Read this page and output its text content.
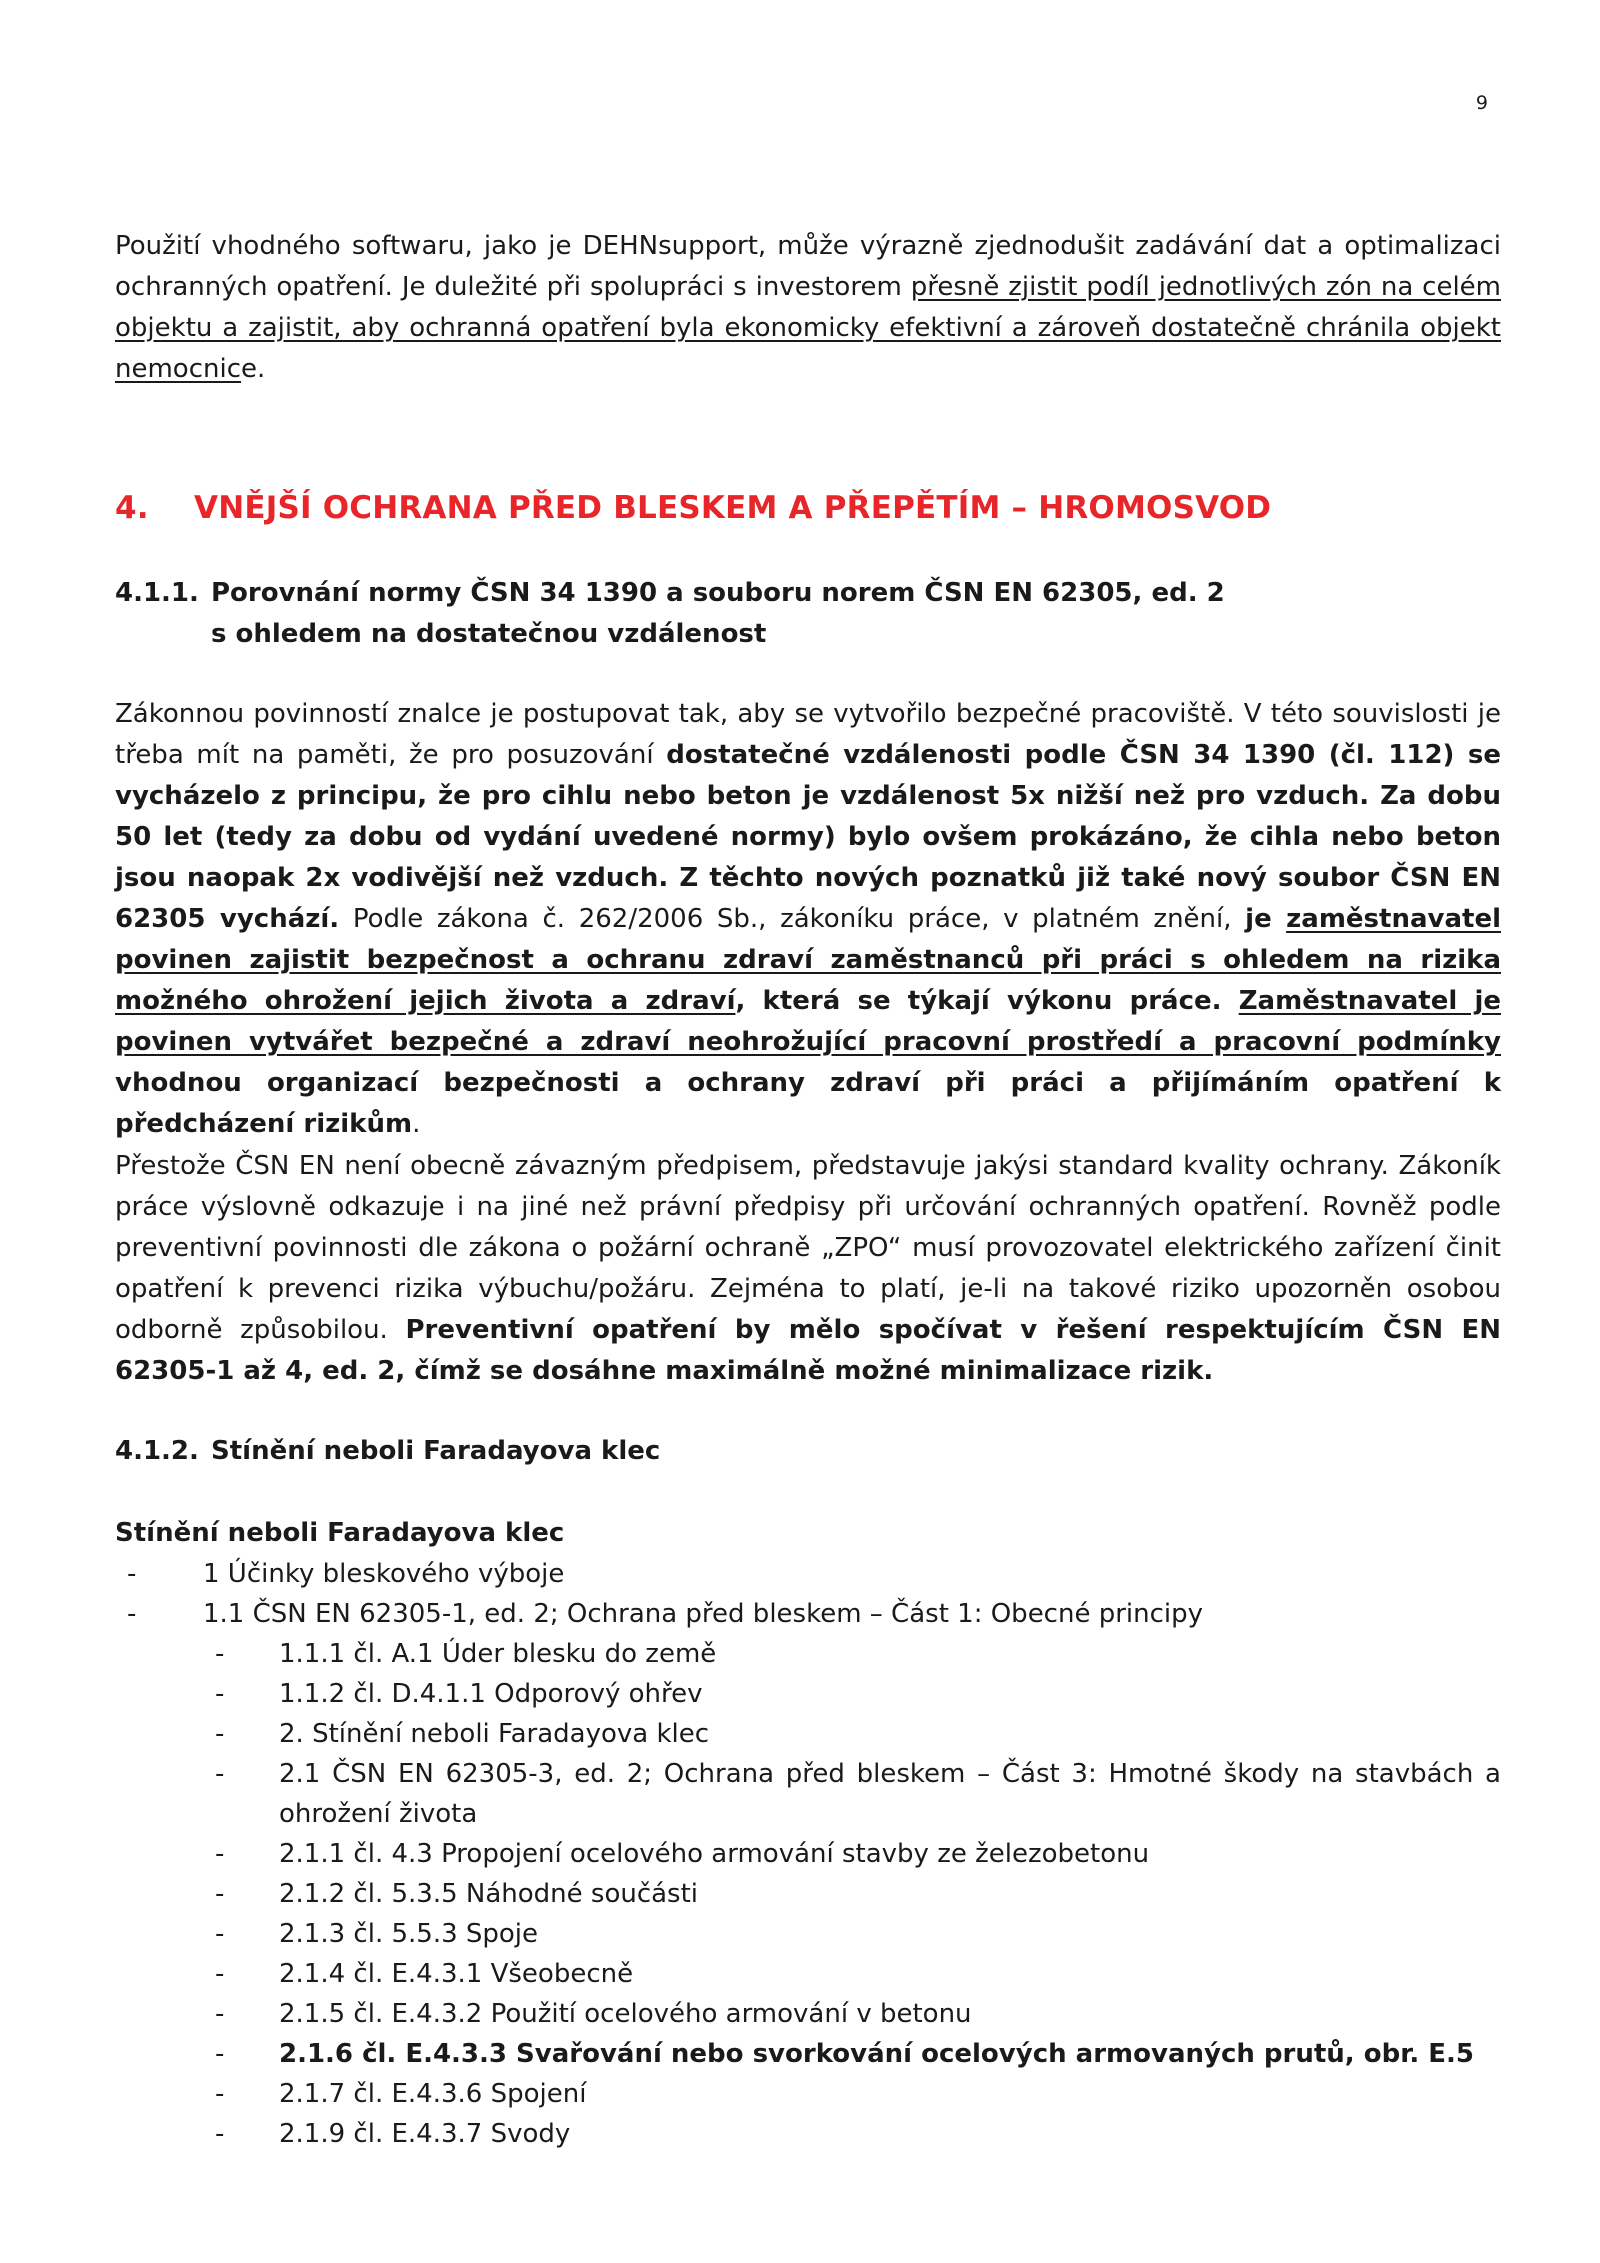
9
Použití vhodného softwaru, jako je DEHNsupport, může výrazně zjednodušit zadávání dat a optimalizaci ochranných opatření. Je duležité při spolupráci s investorem přesně zjistit podíl jednotlivých zón na celém objektu a zajistit, aby ochranná opatření byla ekonomicky efektivní a zároveň dostatečně chránila objekt nemocnice.
4. VNĚJŠÍ OCHRANA PŘED BLESKEM A PŘEPĚTÍM – HROMOSVOD
4.1.1. Porovnání normy ČSN 34 1390 a souboru norem ČSN EN 62305, ed. 2
s ohledem na dostatečnou vzdálenost
Zákonnou povinností znalce je postupovat tak, aby se vytvořilo bezpečné pracoviště. V této souvislosti je třeba mít na paměti, že pro posuzování dostatečné vzdálenosti podle ČSN 34 1390 (čl. 112) se vycházelo z principu, že pro cihlu nebo beton je vzdálenost 5x nižší než pro vzduch. Za dobu 50 let (tedy za dobu od vydání uvedené normy) bylo ovšem prokázáno, že cihla nebo beton jsou naopak 2x vodivější než vzduch. Z těchto nových poznatků již také nový soubor ČSN EN 62305 vychází. Podle zákona č. 262/2006 Sb., zákoníku práce, v platném znění, je zaměstnavatel povinen zajistit bezpečnost a ochranu zdraví zaměstnanců při práci s ohledem na rizika možného ohrožení jejich života a zdraví, která se týkají výkonu práce. Zaměstnavatel je povinen vytvářet bezpečné a zdraví neohrožující pracovní prostředí a pracovní podmínky vhodnou organizací bezpečnosti a ochrany zdraví při práci a přijímáním opatření k předcházení rizikům.
Přestože ČSN EN není obecně závazným předpisem, představuje jakýsi standard kvality ochrany. Zákoník práce výslovně odkazuje i na jiné než právní předpisy při určování ochranných opatření. Rovněž podle preventivní povinnosti dle zákona o požární ochraně „ZPO“ musí provozovatel elektrického zařízení činit opatření k prevenci rizika výbuchu/požáru. Zejména to platí, je-li na takové riziko upozorněn osobou odborně způsobilou. Preventivní opatření by mělo spočívat v řešení respektujícím ČSN EN 62305-1 až 4, ed. 2, čímž se dosáhne maximálně možné minimalizace rizik.
4.1.2. Stínění neboli Faradayova klec
Stínění neboli Faradayova klec
-	1 Účinky bleskového výboje
-	1.1 ČSN EN 62305-1, ed. 2; Ochrana před bleskem – Část 1: Obecné principy
-	1.1.1 čl. A.1 Úder blesku do země
-	1.1.2 čl. D.4.1.1 Odporový ohřev
-	2. Stínění neboli Faradayova klec
-	2.1 ČSN EN 62305-3, ed. 2; Ochrana před bleskem – Část 3: Hmotné škody na stavbách a ohrožení života
-	2.1.1 čl. 4.3 Propojení ocelového armování stavby ze železobetonu
-	2.1.2 čl. 5.3.5 Náhodné součásti
-	2.1.3 čl. 5.5.3 Spoje
-	2.1.4 čl. E.4.3.1 Všeobecně
-	2.1.5 čl. E.4.3.2 Použití ocelového armování v betonu
-	2.1.6 čl. E.4.3.3 Svařování nebo svorkování ocelových armovaných prutů, obr. E.5
-	2.1.7 čl. E.4.3.6 Spojení
-	2.1.9 čl. E.4.3.7 Svody
